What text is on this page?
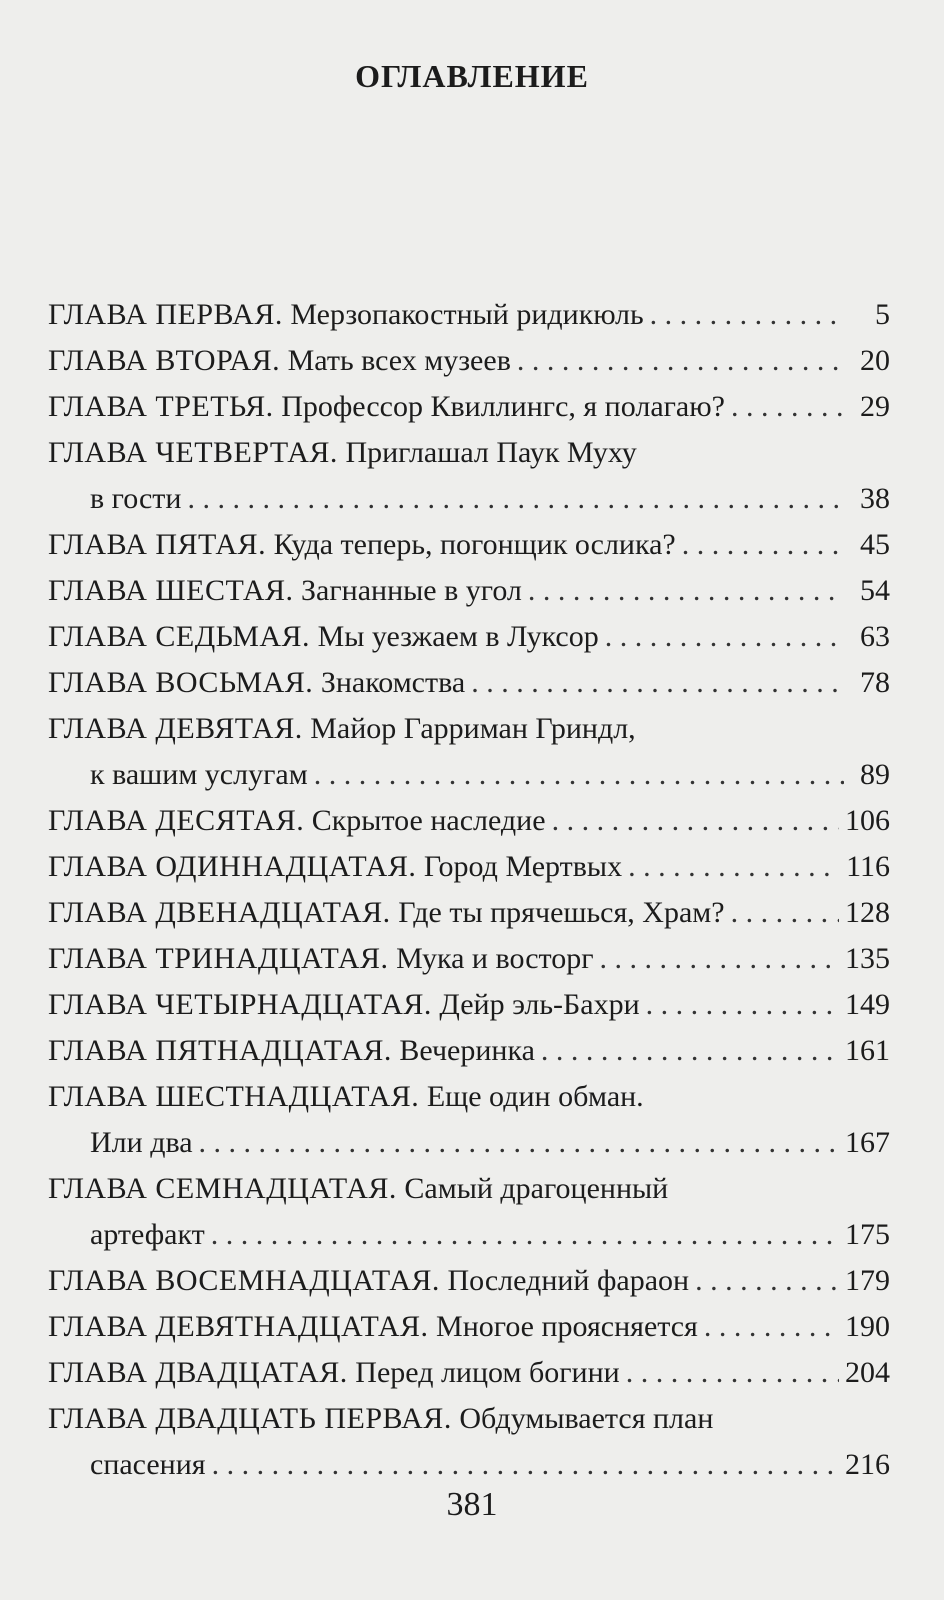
ОГЛАВЛЕНИЕ
ГЛАВА ПЕРВАЯ.
Мерзопакостный ридикюль . . .	5
ГЛАВА ВТОРАЯ.
Мать всех музеев . . .	20
ГЛАВА ТРЕТЬЯ.
Профессор Квиллингс, я полагаю? . . .	29
ГЛАВА ЧЕТВЕРТАЯ.
Приглашал Паук Муху
в гости . . .	38
ГЛАВА ПЯТАЯ.
Куда теперь, погонщик ослика? . . .	45
ГЛАВА ШЕСТАЯ.
Загнанные в угол . . .	54
ГЛАВА СЕДЬМАЯ.
Мы уезжаем в Луксор . . .	63
ГЛАВА ВОСЬМАЯ.
Знакомства . . .	78
ГЛАВА ДЕВЯТАЯ.
Майор Гарриман Гриндл,
к вашим услугам . . .	89
ГЛАВА ДЕСЯТАЯ.
Скрытое наследие . . .	106
ГЛАВА ОДИННАДЦАТАЯ.
Город Мертвых . . .	116
ГЛАВА ДВЕНАДЦАТАЯ.
Где ты прячешься, Храм? . . .	128
ГЛАВА ТРИНАДЦАТАЯ.
Мука и восторг . . .	135
ГЛАВА ЧЕТЫРНАДЦАТАЯ.
Дейр эль-Бахри . . .	149
ГЛАВА ПЯТНАДЦАТАЯ.
Вечеринка . . .	161
ГЛАВА ШЕСТНАДЦАТАЯ.
Еще один обман.
Или два . . .	167
ГЛАВА СЕМНАДЦАТАЯ.
Самый драгоценный
артефакт . . .	175
ГЛАВА ВОСЕМНАДЦАТАЯ.
Последний фараон . . .	179
ГЛАВА ДЕВЯТНАДЦАТАЯ.
Многое проясняется . . .	190
ГЛАВА ДВАДЦАТАЯ.
Перед лицом богини . . .	204
ГЛАВА ДВАДЦАТЬ ПЕРВАЯ.
Обдумывается план
спасения . . .	216
381
